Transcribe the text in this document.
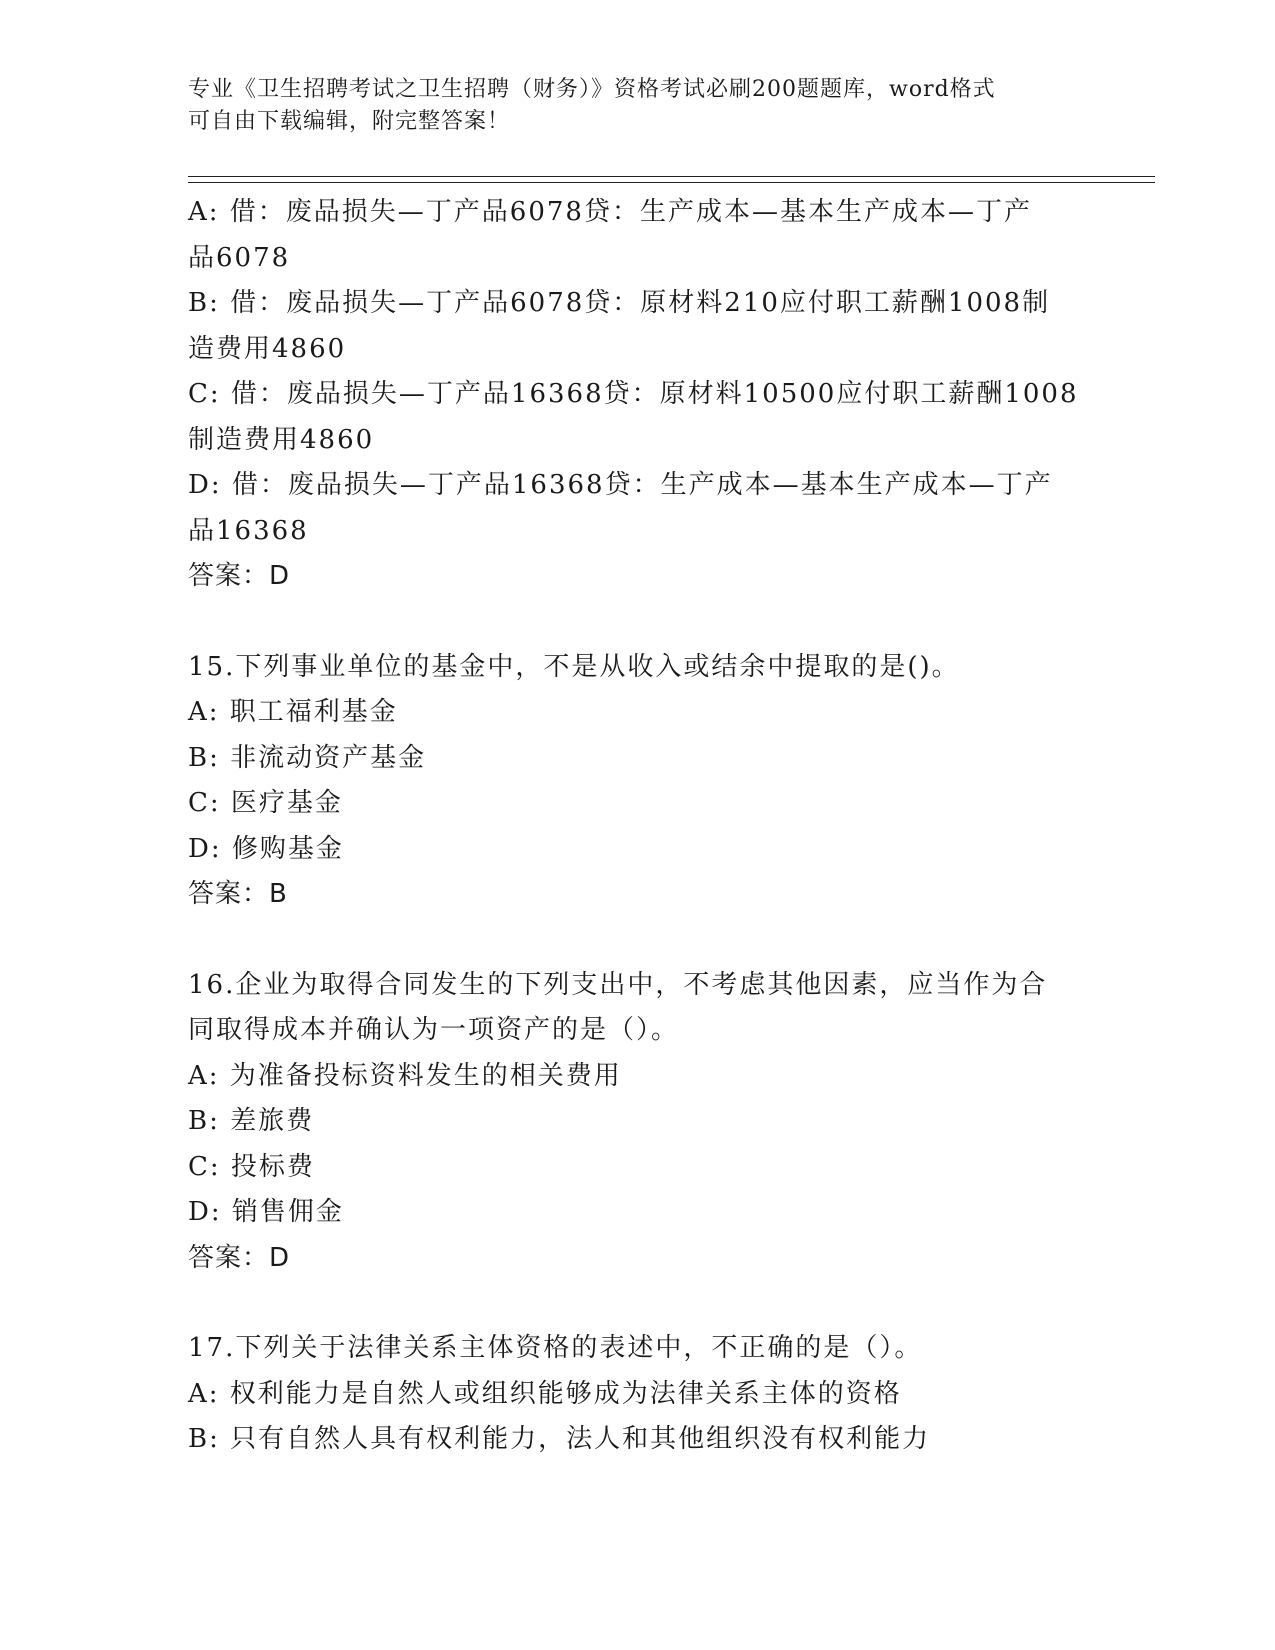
专业《卫生招聘考试之卫生招聘（财务）》资格考试必刷200题题库，word格式
可自由下载编辑，附完整答案！

A: 借：废品损失—丁产品6078贷：生产成本—基本生产成本—丁产

品6078

B: 借：废品损失—丁产品6078贷：原材料210应付职工薪酬1008制

造费用4860

C: 借：废品损失—丁产品16368贷：原材料10500应付职工薪酬1008

制造费用4860

D: 借：废品损失—丁产品16368贷：生产成本—基本生产成本—丁产

品16368

答案：D

15.下列事业单位的基金中，不是从收入或结余中提取的是()。

A: 职工福利基金

B: 非流动资产基金

C: 医疗基金

D: 修购基金

答案：B

16.企业为取得合同发生的下列支出中，不考虑其他因素，应当作为合

同取得成本并确认为一项资产的是（）。

A: 为准备投标资料发生的相关费用

B: 差旅费

C: 投标费

D: 销售佣金

答案：D

17.下列关于法律关系主体资格的表述中，不正确的是（）。

A: 权利能力是自然人或组织能够成为法律关系主体的资格

B: 只有自然人具有权利能力，法人和其他组织没有权利能力
